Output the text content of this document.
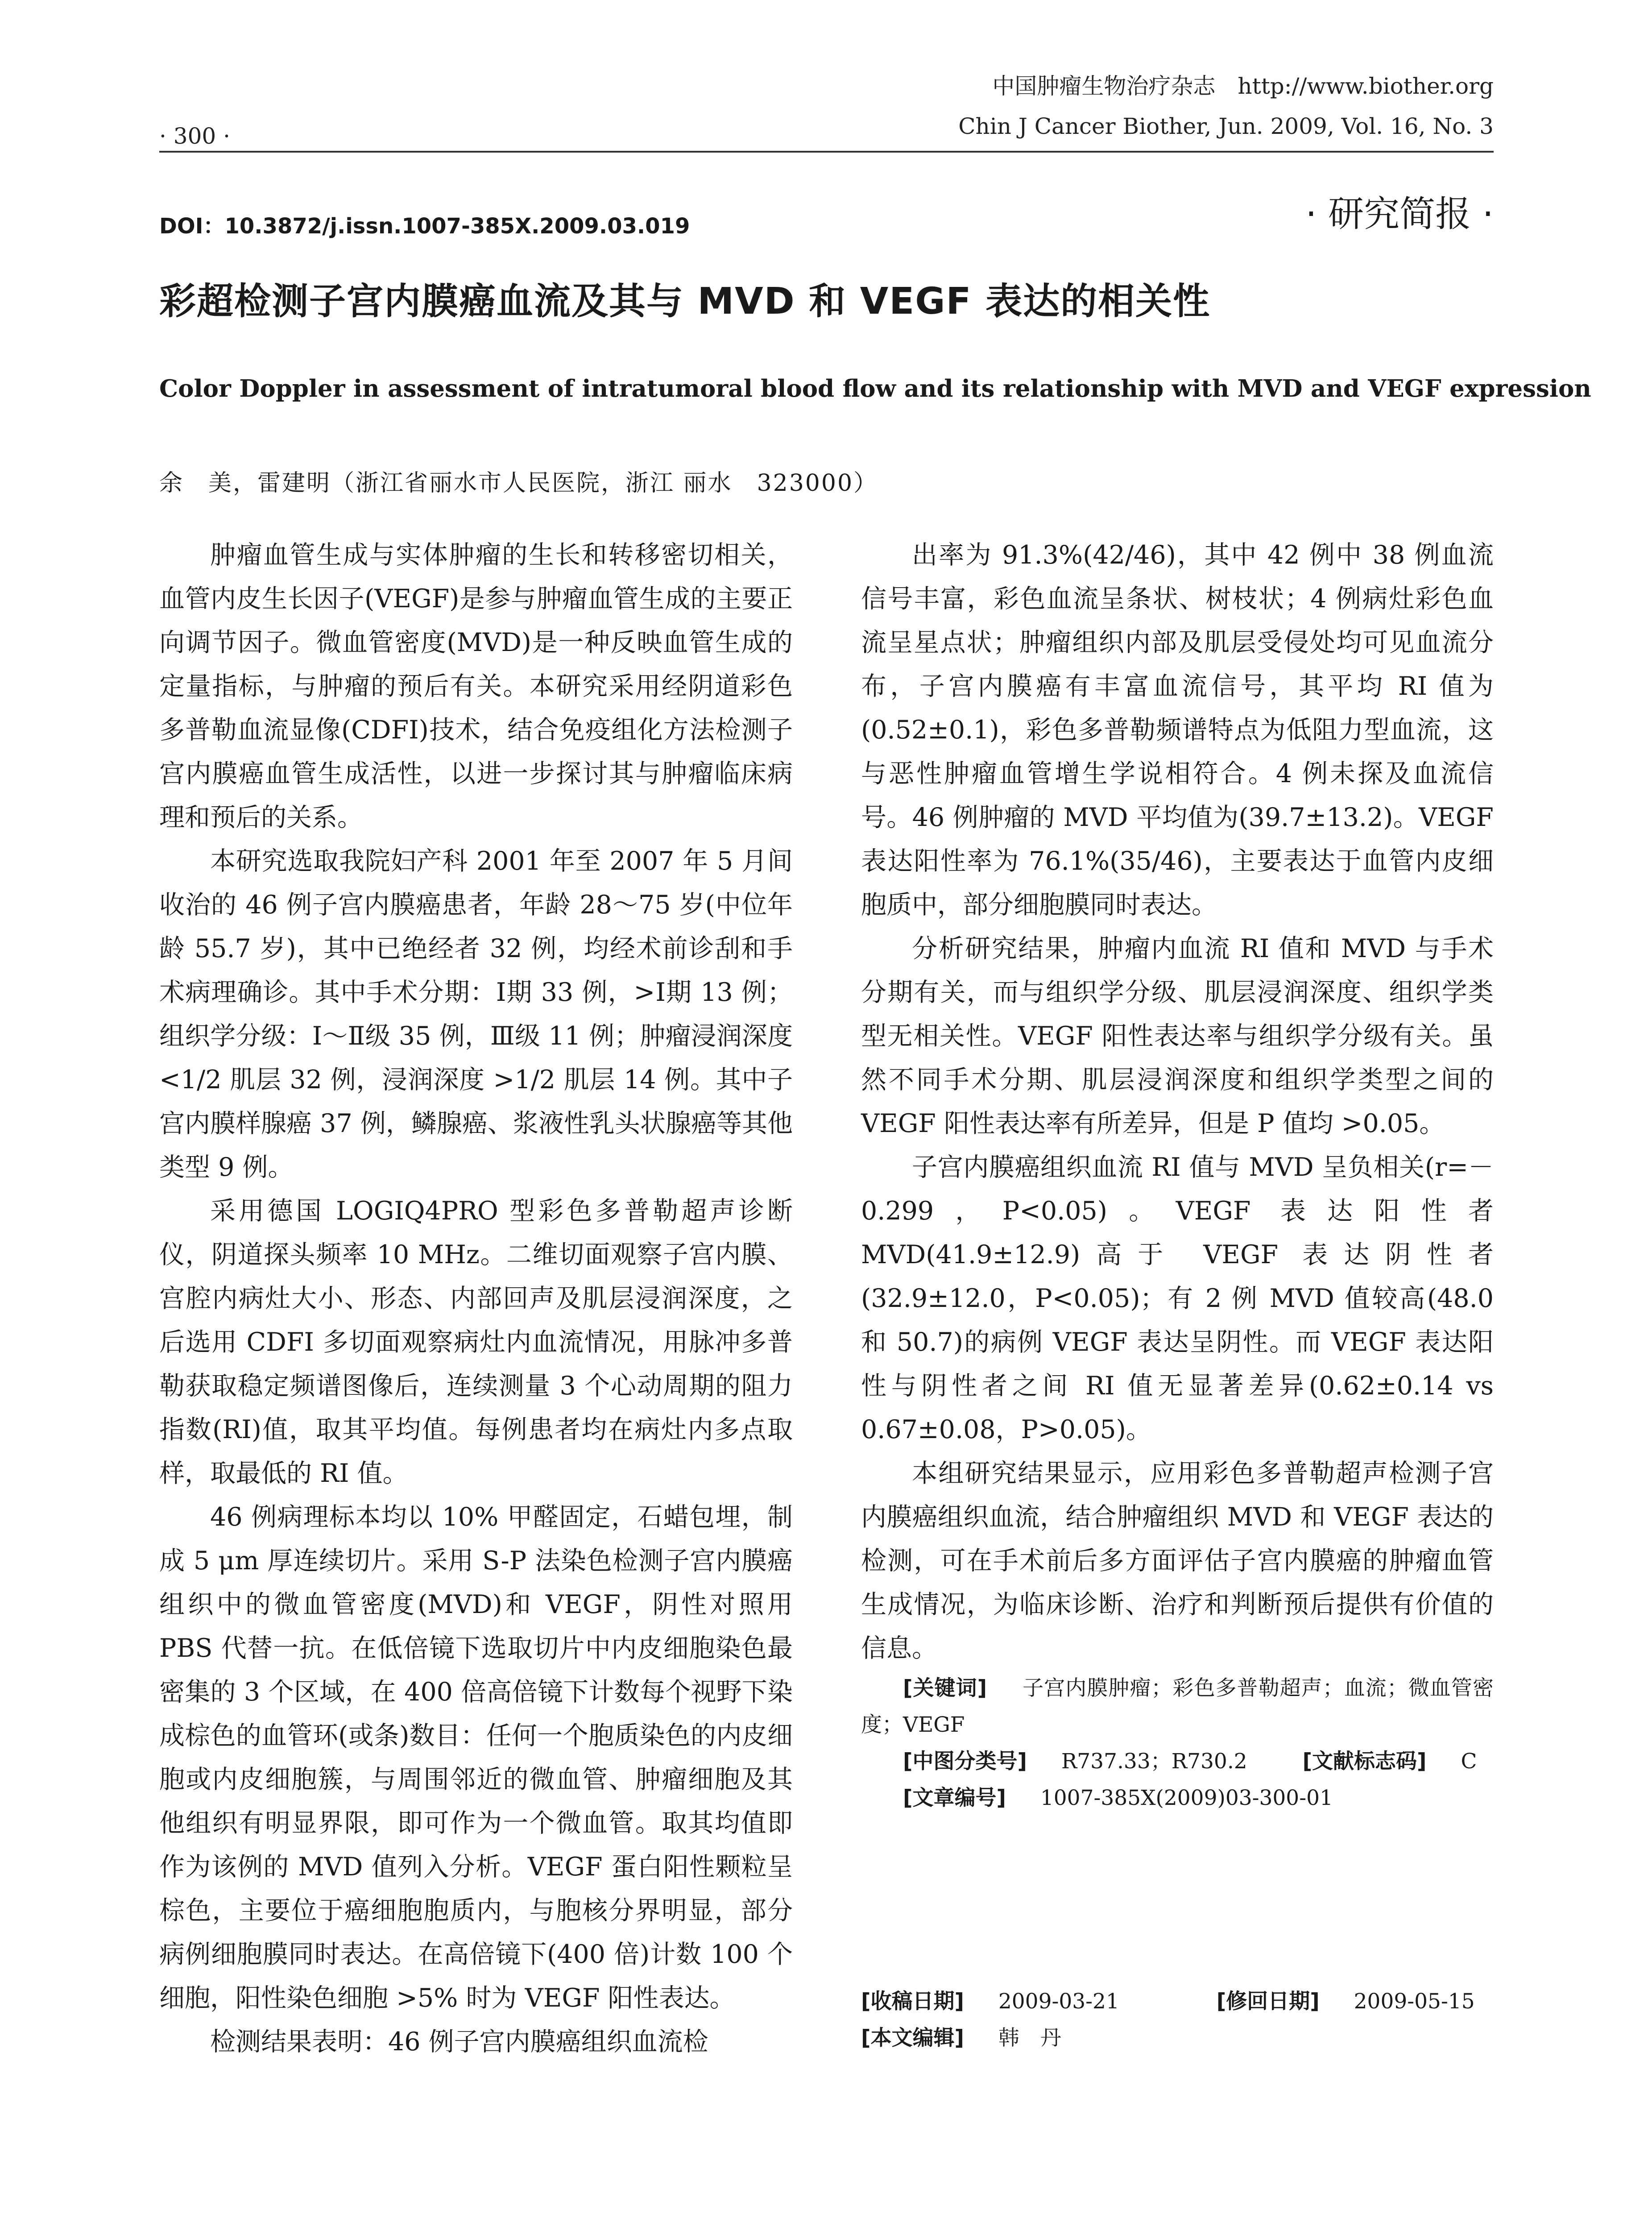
中国肿瘤生物治疗杂志　http://www.biother.org
Chin J Cancer Biother, Jun. 2009, Vol. 16, No. 3
· 300 ·
DOI：10.3872/j.issn.1007-385X.2009.03.019	· 研究简报 ·
彩超检测子宫内膜癌血流及其与 MVD 和 VEGF 表达的相关性
Color Doppler in assessment of intratumoral blood flow and its relationship with MVD and VEGF expression
余　美，雷建明（浙江省丽水市人民医院，浙江 丽水　323000）

肿瘤血管生成与实体肿瘤的生长和转移密切相关，血管内皮生长因子(VEGF)是参与肿瘤血管生成的主要正向调节因子。微血管密度(MVD)是一种反映血管生成的定量指标，与肿瘤的预后有关。本研究采用经阴道彩色多普勒血流显像(CDFI)技术，结合免疫组化方法检测子宫内膜癌血管生成活性，以进一步探讨其与肿瘤临床病理和预后的关系。

本研究选取我院妇产科 2001 年至 2007 年 5 月间收治的 46 例子宫内膜癌患者，年龄 28～75 岁(中位年龄 55.7 岁)，其中已绝经者 32 例，均经术前诊刮和手术病理确诊。其中手术分期：Ⅰ期 33 例，>Ⅰ期 13 例；组织学分级：Ⅰ～Ⅱ级 35 例，Ⅲ级 11 例；肿瘤浸润深度 <1/2 肌层 32 例，浸润深度 >1/2 肌层 14 例。其中子宫内膜样腺癌 37 例，鳞腺癌、浆液性乳头状腺癌等其他类型 9 例。

采用德国 LOGIQ4PRO 型彩色多普勒超声诊断仪，阴道探头频率 10 MHz。二维切面观察子宫内膜、宫腔内病灶大小、形态、内部回声及肌层浸润深度，之后选用 CDFI 多切面观察病灶内血流情况，用脉冲多普勒获取稳定频谱图像后，连续测量 3 个心动周期的阻力指数(RI)值，取其平均值。每例患者均在病灶内多点取样，取最低的 RI 值。

46 例病理标本均以 10% 甲醛固定，石蜡包埋，制成 5 μm 厚连续切片。采用 S-P 法染色检测子宫内膜癌组织中的微血管密度(MVD)和 VEGF，阴性对照用 PBS 代替一抗。在低倍镜下选取切片中内皮细胞染色最密集的 3 个区域，在 400 倍高倍镜下计数每个视野下染成棕色的血管环(或条)数目：任何一个胞质染色的内皮细胞或内皮细胞簇，与周围邻近的微血管、肿瘤细胞及其他组织有明显界限，即可作为一个微血管。取其均值即作为该例的 MVD 值列入分析。VEGF 蛋白阳性颗粒呈棕色，主要位于癌细胞胞质内，与胞核分界明显，部分病例细胞膜同时表达。在高倍镜下(400 倍)计数 100 个细胞，阳性染色细胞 >5% 时为 VEGF 阳性表达。

检测结果表明：46 例子宫内膜癌组织血流检

出率为 91.3%(42/46)，其中 42 例中 38 例血流信号丰富，彩色血流呈条状、树枝状；4 例病灶彩色血流呈星点状；肿瘤组织内部及肌层受侵处均可见血流分布，子宫内膜癌有丰富血流信号，其平均 RI 值为(0.52±0.1)，彩色多普勒频谱特点为低阻力型血流，这与恶性肿瘤血管增生学说相符合。4 例未探及血流信号。46 例肿瘤的 MVD 平均值为(39.7±13.2)。VEGF 表达阳性率为 76.1%(35/46)，主要表达于血管内皮细胞质中，部分细胞膜同时表达。

分析研究结果，肿瘤内血流 RI 值和 MVD 与手术分期有关，而与组织学分级、肌层浸润深度、组织学类型无相关性。VEGF 阳性表达率与组织学分级有关。虽然不同手术分期、肌层浸润深度和组织学类型之间的 VEGF 阳性表达率有所差异，但是 P 值均 >0.05。

子宫内膜癌组织血流 RI 值与 MVD 呈负相关(r=－0.299，P<0.05)。VEGF 表达阳性者 MVD(41.9±12.9)高于 VEGF 表达阴性者(32.9±12.0，P<0.05)；有 2 例 MVD 值较高(48.0 和 50.7)的病例 VEGF 表达呈阴性。而 VEGF 表达阳性与阴性者之间 RI 值无显著差异(0.62±0.14 vs 0.67±0.08，P>0.05)。

本组研究结果显示，应用彩色多普勒超声检测子宫内膜癌组织血流，结合肿瘤组织 MVD 和 VEGF 表达的检测，可在手术前后多方面评估子宫内膜癌的肿瘤血管生成情况，为临床诊断、治疗和判断预后提供有价值的信息。

[关键词] 　 子宫内膜肿瘤；彩色多普勒超声；血流；微血管密度；VEGF

[中图分类号] 　 R737.33；R730.2 　　	[文献标志码] 　 C

[文章编号] 　 1007-385X(2009)03-300-01

[收稿日期] 　 2009-03-21 　　　　	[修回日期] 　 2009-05-15

[本文编辑] 　 韩　丹
